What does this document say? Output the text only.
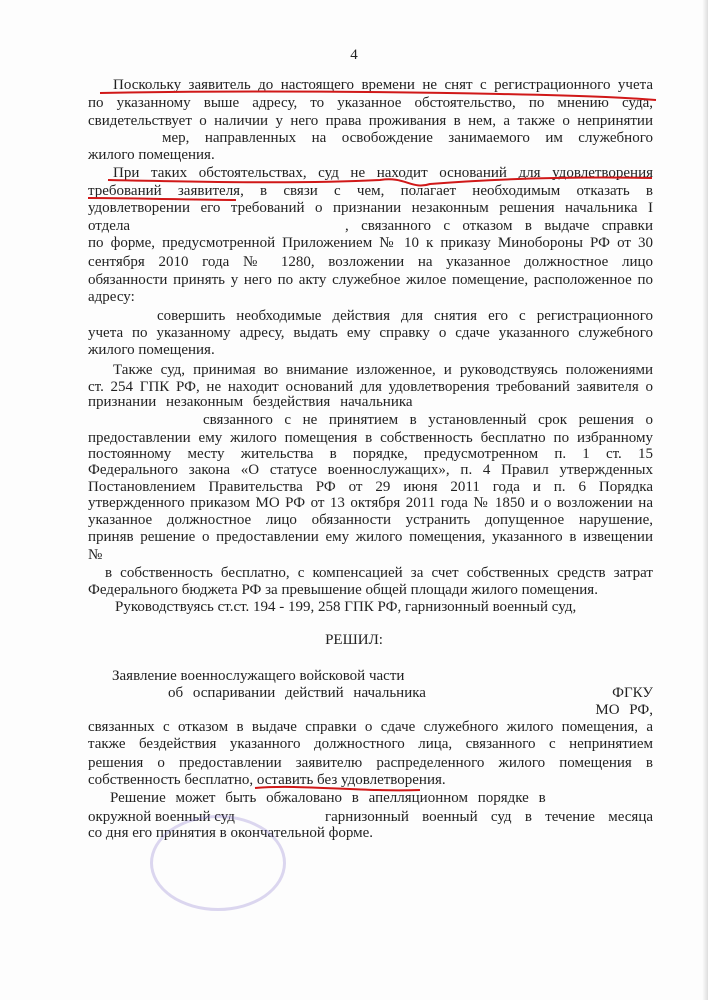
4
Поскольку заявитель до настоящего времени не снят с регистрационного учета
по указанному выше адресу, то указанное обстоятельство, по мнению суда,
свидетельствует о наличии у него права проживания в нем, а также о непринятии
мер, направленных на освобождение занимаемого им служебного
жилого помещения.
При таких обстоятельствах, суд не находит оснований для удовлетворения
требований заявителя, в связи с чем, полагает необходимым отказать в
удовлетворении его требований о признании незаконным решения начальника I
отдела	, связанного с отказом в выдаче справки
по форме, предусмотренной Приложением № 10 к приказу Минобороны РФ от 30
сентября 2010 года № 1280, возложении на указанное должностное лицо
обязанности принять у него по акту служебное жилое помещение, расположенное по
адресу:
совершить необходимые действия для снятия его с регистрационного
учета по указанному адресу, выдать ему справку о сдаче указанного служебного
жилого помещения.
Также суд, принимая во внимание изложенное, и руководствуясь положениями
ст. 254 ГПК РФ, не находит оснований для удовлетворения требований заявителя о
признании незаконным бездействия начальника
связанного с не принятием в установленный срок решения о
предоставлении ему жилого помещения в собственность бесплатно по избранному
постоянному месту жительства в порядке, предусмотренном п. 1 ст. 15
Федерального закона «О статусе военнослужащих», п. 4 Правил утвержденных
Постановлением Правительства РФ от 29 июня 2011 года и п. 6 Порядка
утвержденного приказом МО РФ от 13 октября 2011 года № 1850 и о возложении на
указанное должностное лицо обязанности устранить допущенное нарушение,
приняв решение о предоставлении ему жилого помещения, указанного в извещении
№
в собственность бесплатно, с компенсацией за счет собственных средств затрат
Федерального бюджета РФ за превышение общей площади жилого помещения.
Руководствуясь ст.ст. 194 - 199, 258 ГПК РФ, гарнизонный военный суд,
РЕШИЛ:
Заявление военнослужащего войсковой части
об оспаривании действий начальника	ФГКУ
МО РФ,
связанных с отказом в выдаче справки о сдаче служебного жилого помещения, а
также бездействия указанного должностного лица, связанного с непринятием
решения о предоставлении заявителю распределенного жилого помещения в
собственность бесплатно, оставить без удовлетворения.
Решение может быть обжаловано в апелляционном порядке в
окружной военный суд	гарнизонный военный суд в течение месяца
со дня его принятия в окончательной форме.
